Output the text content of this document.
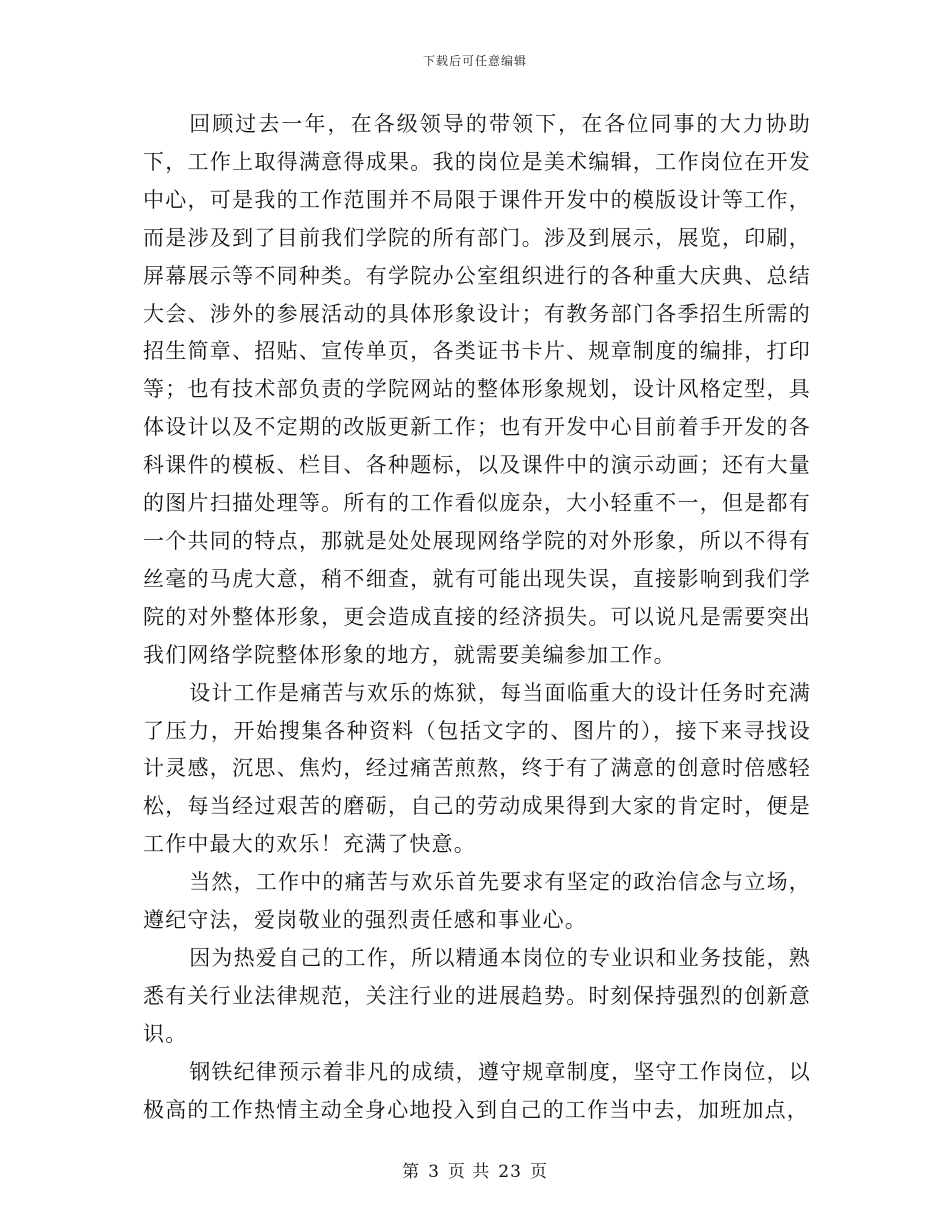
下载后可任意编辑

回顾过去一年，在各级领导的带领下，在各位同事的大力协助下，工作上取得满意得成果。我的岗位是美术编辑，工作岗位在开发中心，可是我的工作范围并不局限于课件开发中的模版设计等工作，而是涉及到了目前我们学院的所有部门。涉及到展示，展览，印刷，屏幕展示等不同种类。有学院办公室组织进行的各种重大庆典、总结大会、涉外的参展活动的具体形象设计；有教务部门各季招生所需的招生简章、招贴、宣传单页，各类证书卡片、规章制度的编排，打印等；也有技术部负责的学院网站的整体形象规划，设计风格定型，具体设计以及不定期的改版更新工作；也有开发中心目前着手开发的各科课件的模板、栏目、各种题标，以及课件中的演示动画；还有大量的图片扫描处理等。所有的工作看似庞杂，大小轻重不一，但是都有一个共同的特点，那就是处处展现网络学院的对外形象，所以不得有丝毫的马虎大意，稍不细查，就有可能出现失误，直接影响到我们学院的对外整体形象，更会造成直接的经济损失。可以说凡是需要突出我们网络学院整体形象的地方，就需要美编参加工作。

设计工作是痛苦与欢乐的炼狱，每当面临重大的设计任务时充满了压力，开始搜集各种资料（包括文字的、图片的），接下来寻找设计灵感，沉思、焦灼，经过痛苦煎熬，终于有了满意的创意时倍感轻松，每当经过艰苦的磨砺，自己的劳动成果得到大家的肯定时，便是工作中最大的欢乐！充满了快意。

当然，工作中的痛苦与欢乐首先要求有坚定的政治信念与立场，遵纪守法，爱岗敬业的强烈责任感和事业心。

因为热爱自己的工作，所以精通本岗位的专业识和业务技能，熟悉有关行业法律规范，关注行业的进展趋势。时刻保持强烈的创新意识。

钢铁纪律预示着非凡的成绩，遵守规章制度，坚守工作岗位，以极高的工作热情主动全身心地投入到自己的工作当中去，加班加点，

第 3 页 共 23 页
